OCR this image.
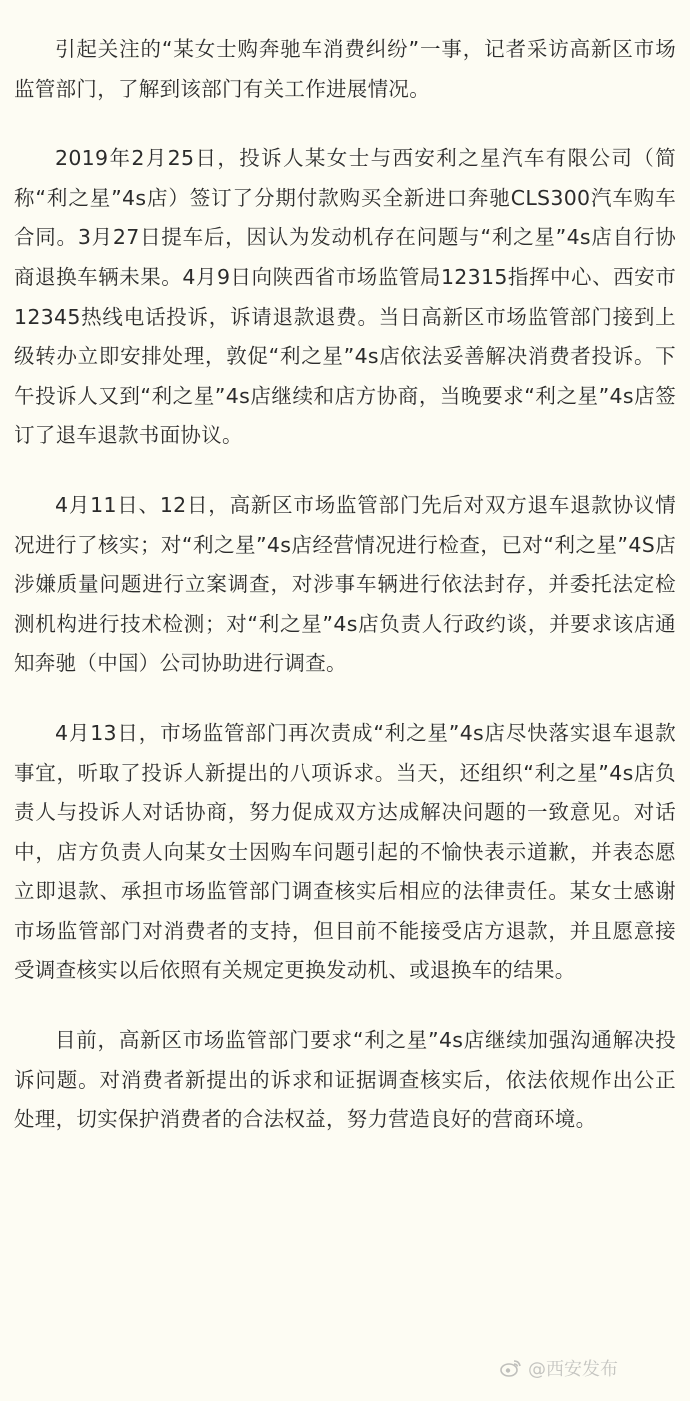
引起关注的“某女士购奔驰车消费纠纷”一事，记者采访高新区市场监管部门，了解到该部门有关工作进展情况。

2019年2月25日，投诉人某女士与西安利之星汽车有限公司（简称“利之星”4s店）签订了分期付款购买全新进口奔驰CLS300汽车购车合同。3月27日提车后，因认为发动机存在问题与“利之星”4s店自行协商退换车辆未果。4月9日向陕西省市场监管局12315指挥中心、西安市12345热线电话投诉，诉请退款退费。当日高新区市场监管部门接到上级转办立即安排处理，敦促“利之星”4s店依法妥善解决消费者投诉。下午投诉人又到“利之星”4s店继续和店方协商，当晚要求“利之星”4s店签订了退车退款书面协议。

4月11日、12日，高新区市场监管部门先后对双方退车退款协议情况进行了核实；对“利之星”4s店经营情况进行检查，已对“利之星”4S店涉嫌质量问题进行立案调查，对涉事车辆进行依法封存，并委托法定检测机构进行技术检测；对“利之星”4s店负责人行政约谈，并要求该店通知奔驰（中国）公司协助进行调查。

4月13日，市场监管部门再次责成“利之星”4s店尽快落实退车退款事宜，听取了投诉人新提出的八项诉求。当天，还组织“利之星”4s店负责人与投诉人对话协商，努力促成双方达成解决问题的一致意见。对话中，店方负责人向某女士因购车问题引起的不愉快表示道歉，并表态愿立即退款、承担市场监管部门调查核实后相应的法律责任。某女士感谢市场监管部门对消费者的支持，但目前不能接受店方退款，并且愿意接受调查核实以后依照有关规定更换发动机、或退换车的结果。

目前，高新区市场监管部门要求“利之星”4s店继续加强沟通解决投诉问题。对消费者新提出的诉求和证据调查核实后，依法依规作出公正处理，切实保护消费者的合法权益，努力营造良好的营商环境。

@西安发布
